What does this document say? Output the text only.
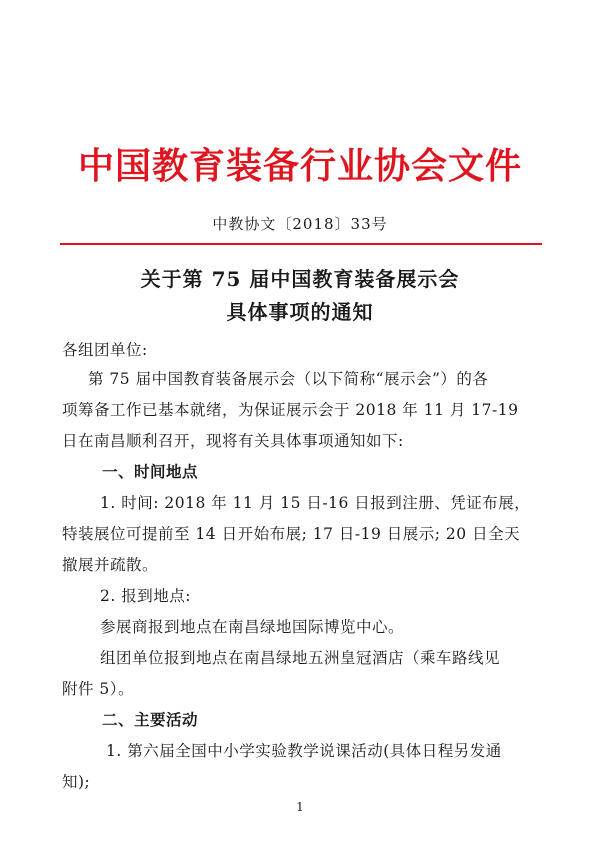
中国教育装备行业协会文件
中教协文〔2018〕33号
关于第 75 届中国教育装备展示会
具体事项的通知
各组团单位:
第 75 届中国教育装备展示会（以下简称“展示会”）的各
项筹备工作已基本就绪，为保证展示会于 2018 年 11 月 17-19
日在南昌顺利召开，现将有关具体事项通知如下:
一、时间地点
1. 时间: 2018 年 11 月 15 日-16 日报到注册、凭证布展，
特装展位可提前至 14 日开始布展; 17 日-19 日展示; 20 日全天
撤展并疏散。
2. 报到地点:
参展商报到地点在南昌绿地国际博览中心。
组团单位报到地点在南昌绿地五洲皇冠酒店（乘车路线见
附件 5）。
二、主要活动
1. 第六届全国中小学实验教学说课活动(具体日程另发通
知);
1
